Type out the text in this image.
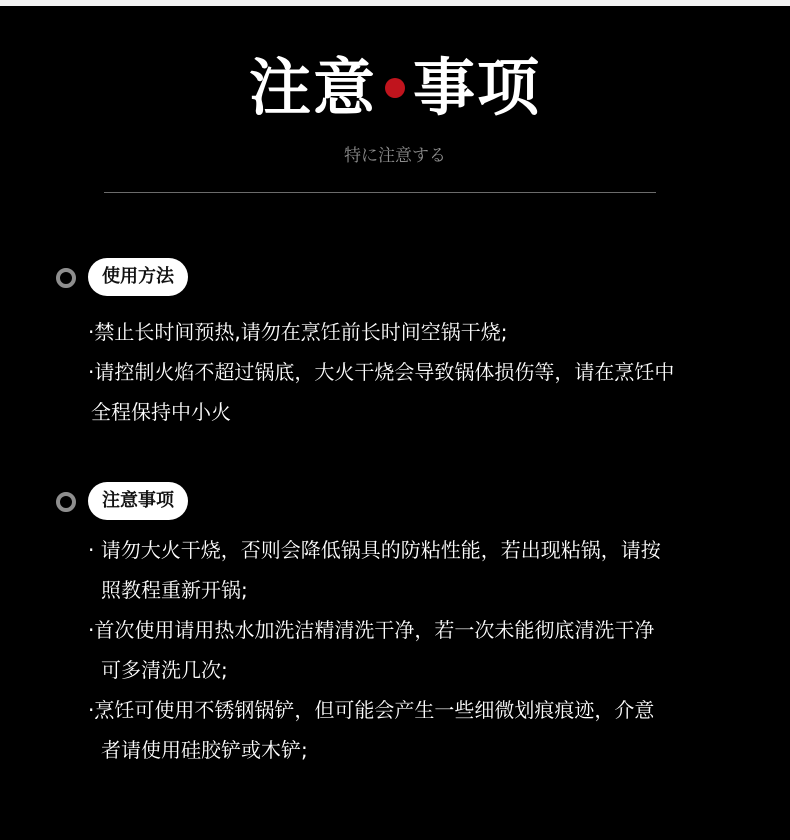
注意 事项
特に注意する
使用方法
·禁止长时间预热,请勿在烹饪前长时间空锅干烧;
·请控制火焰不超过锅底，大火干烧会导致锅体损伤等，请在烹饪中
全程保持中小火
注意事项
· 请勿大火干烧，否则会降低锅具的防粘性能，若出现粘锅，请按
照教程重新开锅;
·首次使用请用热水加洗洁精清洗干净，若一次未能彻底清洗干净
可多清洗几次;
·烹饪可使用不锈钢锅铲，但可能会产生一些细微划痕痕迹，介意
者请使用硅胶铲或木铲;
